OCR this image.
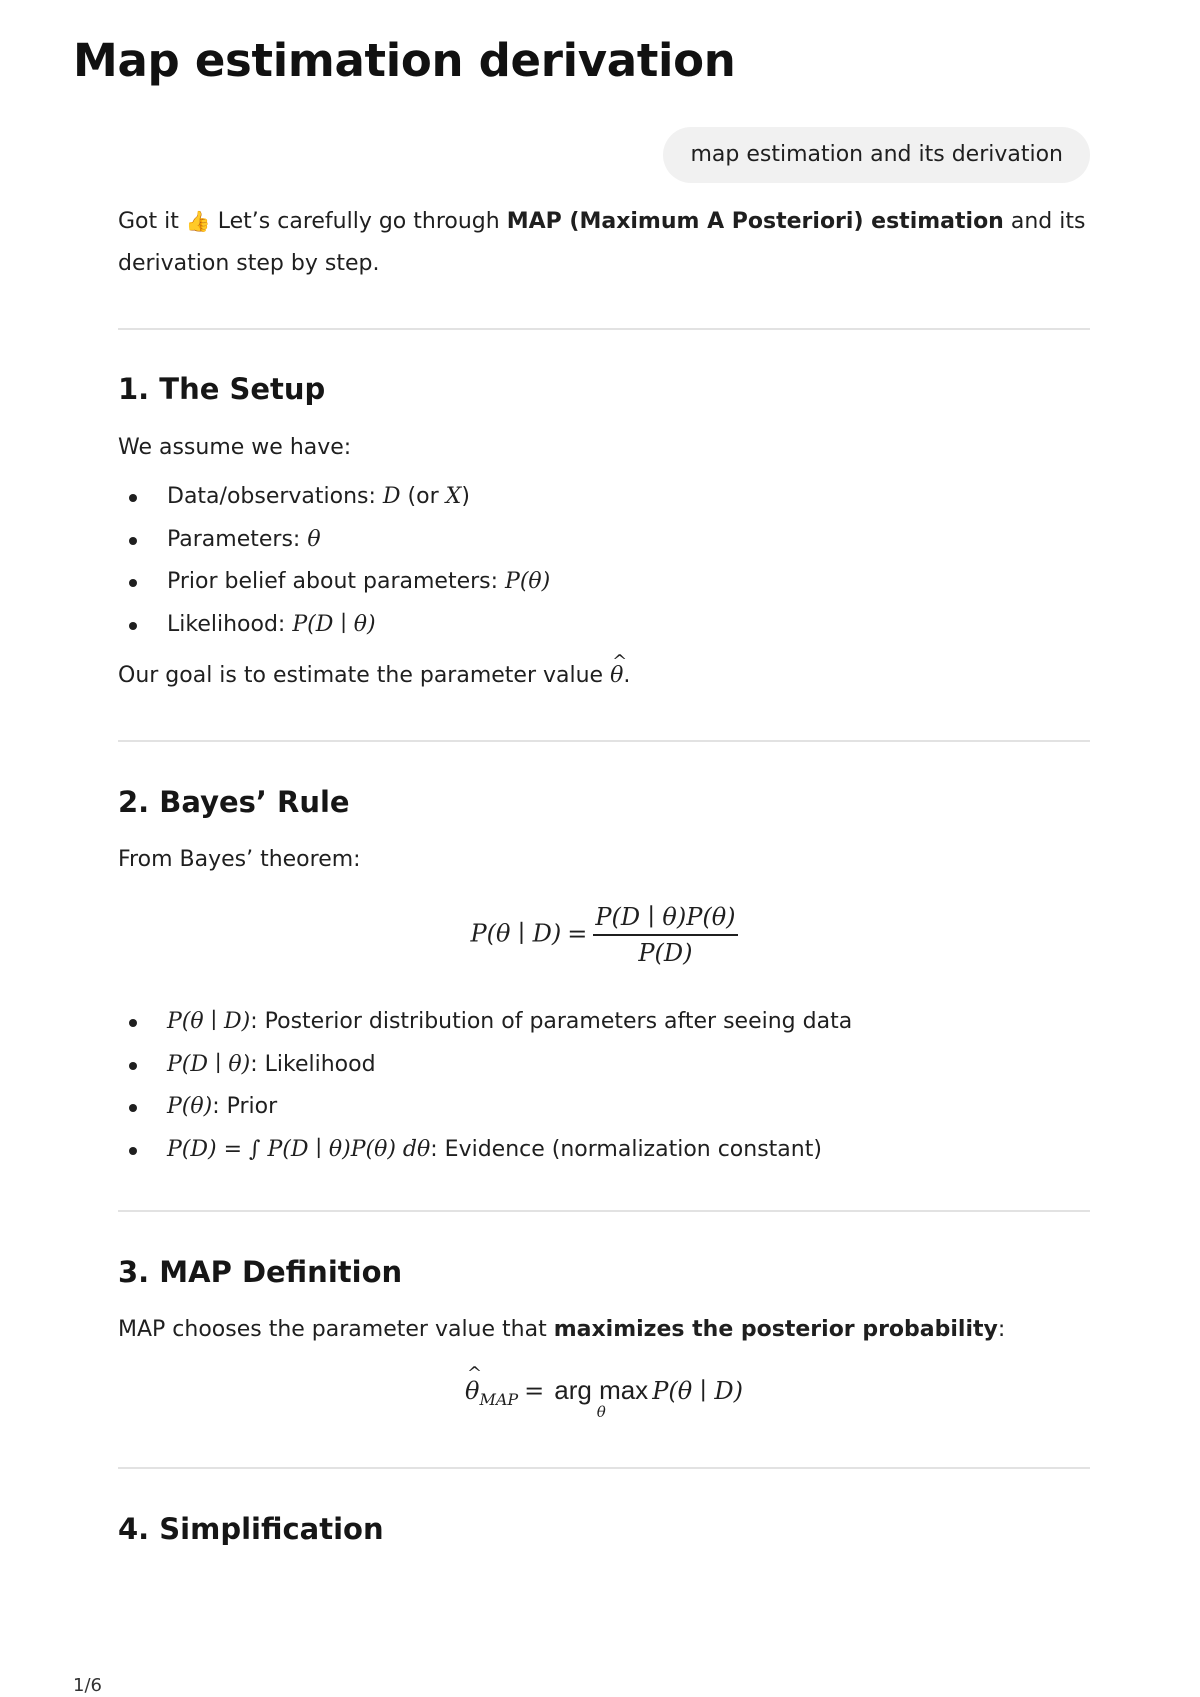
Map estimation derivation
map estimation and its derivation
Got it 👍 Let’s carefully go through MAP (Maximum A Posteriori) estimation and its derivation step by step.
1. The Setup

We assume we have:

Data/observations: D (or X)
Parameters: θ
Prior belief about parameters: P(θ)
Likelihood: P(D ∣ θ)

Our goal is to estimate the parameter value ^ θ.

2. Bayes’ Rule

From Bayes’ theorem:

P(θ ∣ $D) = \frac{P(D ∣ \theta)P(\theta)}{P(D)}$
P(θ ∣ D): Posterior distribution of parameters after seeing data
P(D ∣ θ): Likelihood
P(θ): Prior
P(D) = ∫ P(D ∣ θ)P(θ) dθ: Evidence (normalization constant)
3. MAP Definition

MAP chooses the parameter value that maximizes the posterior probability:

^ $\theta_{MAP}$ = arg max
θ
P(θ ∣ D)
4. Simplification
1/6
